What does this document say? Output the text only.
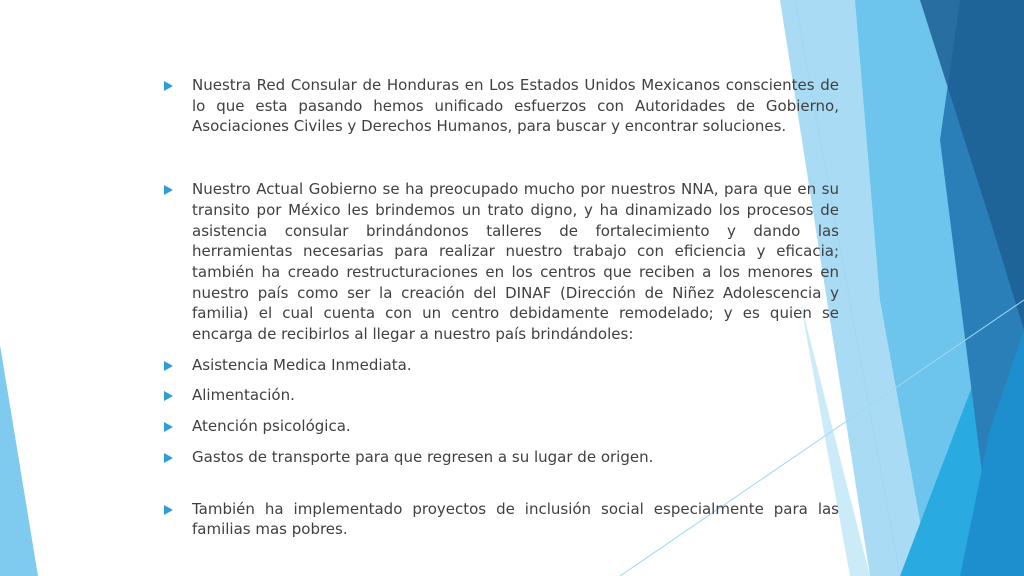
Nuestra Red Consular de Honduras en Los Estados Unidos Mexicanos conscientes de lo que esta pasando hemos unificado esfuerzos con Autoridades de Gobierno, Asociaciones Civiles y Derechos Humanos, para buscar y encontrar soluciones.
Nuestro Actual Gobierno se ha preocupado mucho por nuestros NNA, para que en su transito por México les brindemos un trato digno, y ha dinamizado los procesos de asistencia consular brindándonos talleres de fortalecimiento y dando las herramientas necesarias para realizar nuestro trabajo con eficiencia y eficacia; también ha creado restructuraciones en los centros que reciben a los menores en nuestro país como ser la creación del DINAF (Dirección de Niñez Adolescencia y familia) el cual cuenta con un centro debidamente remodelado; y es quien se encarga de recibirlos al llegar a nuestro país brindándoles:
Asistencia Medica Inmediata.
Alimentación.
Atención psicológica.
Gastos de transporte para que regresen a su lugar de origen.
También ha implementado proyectos de inclusión social especialmente para las familias mas pobres.
